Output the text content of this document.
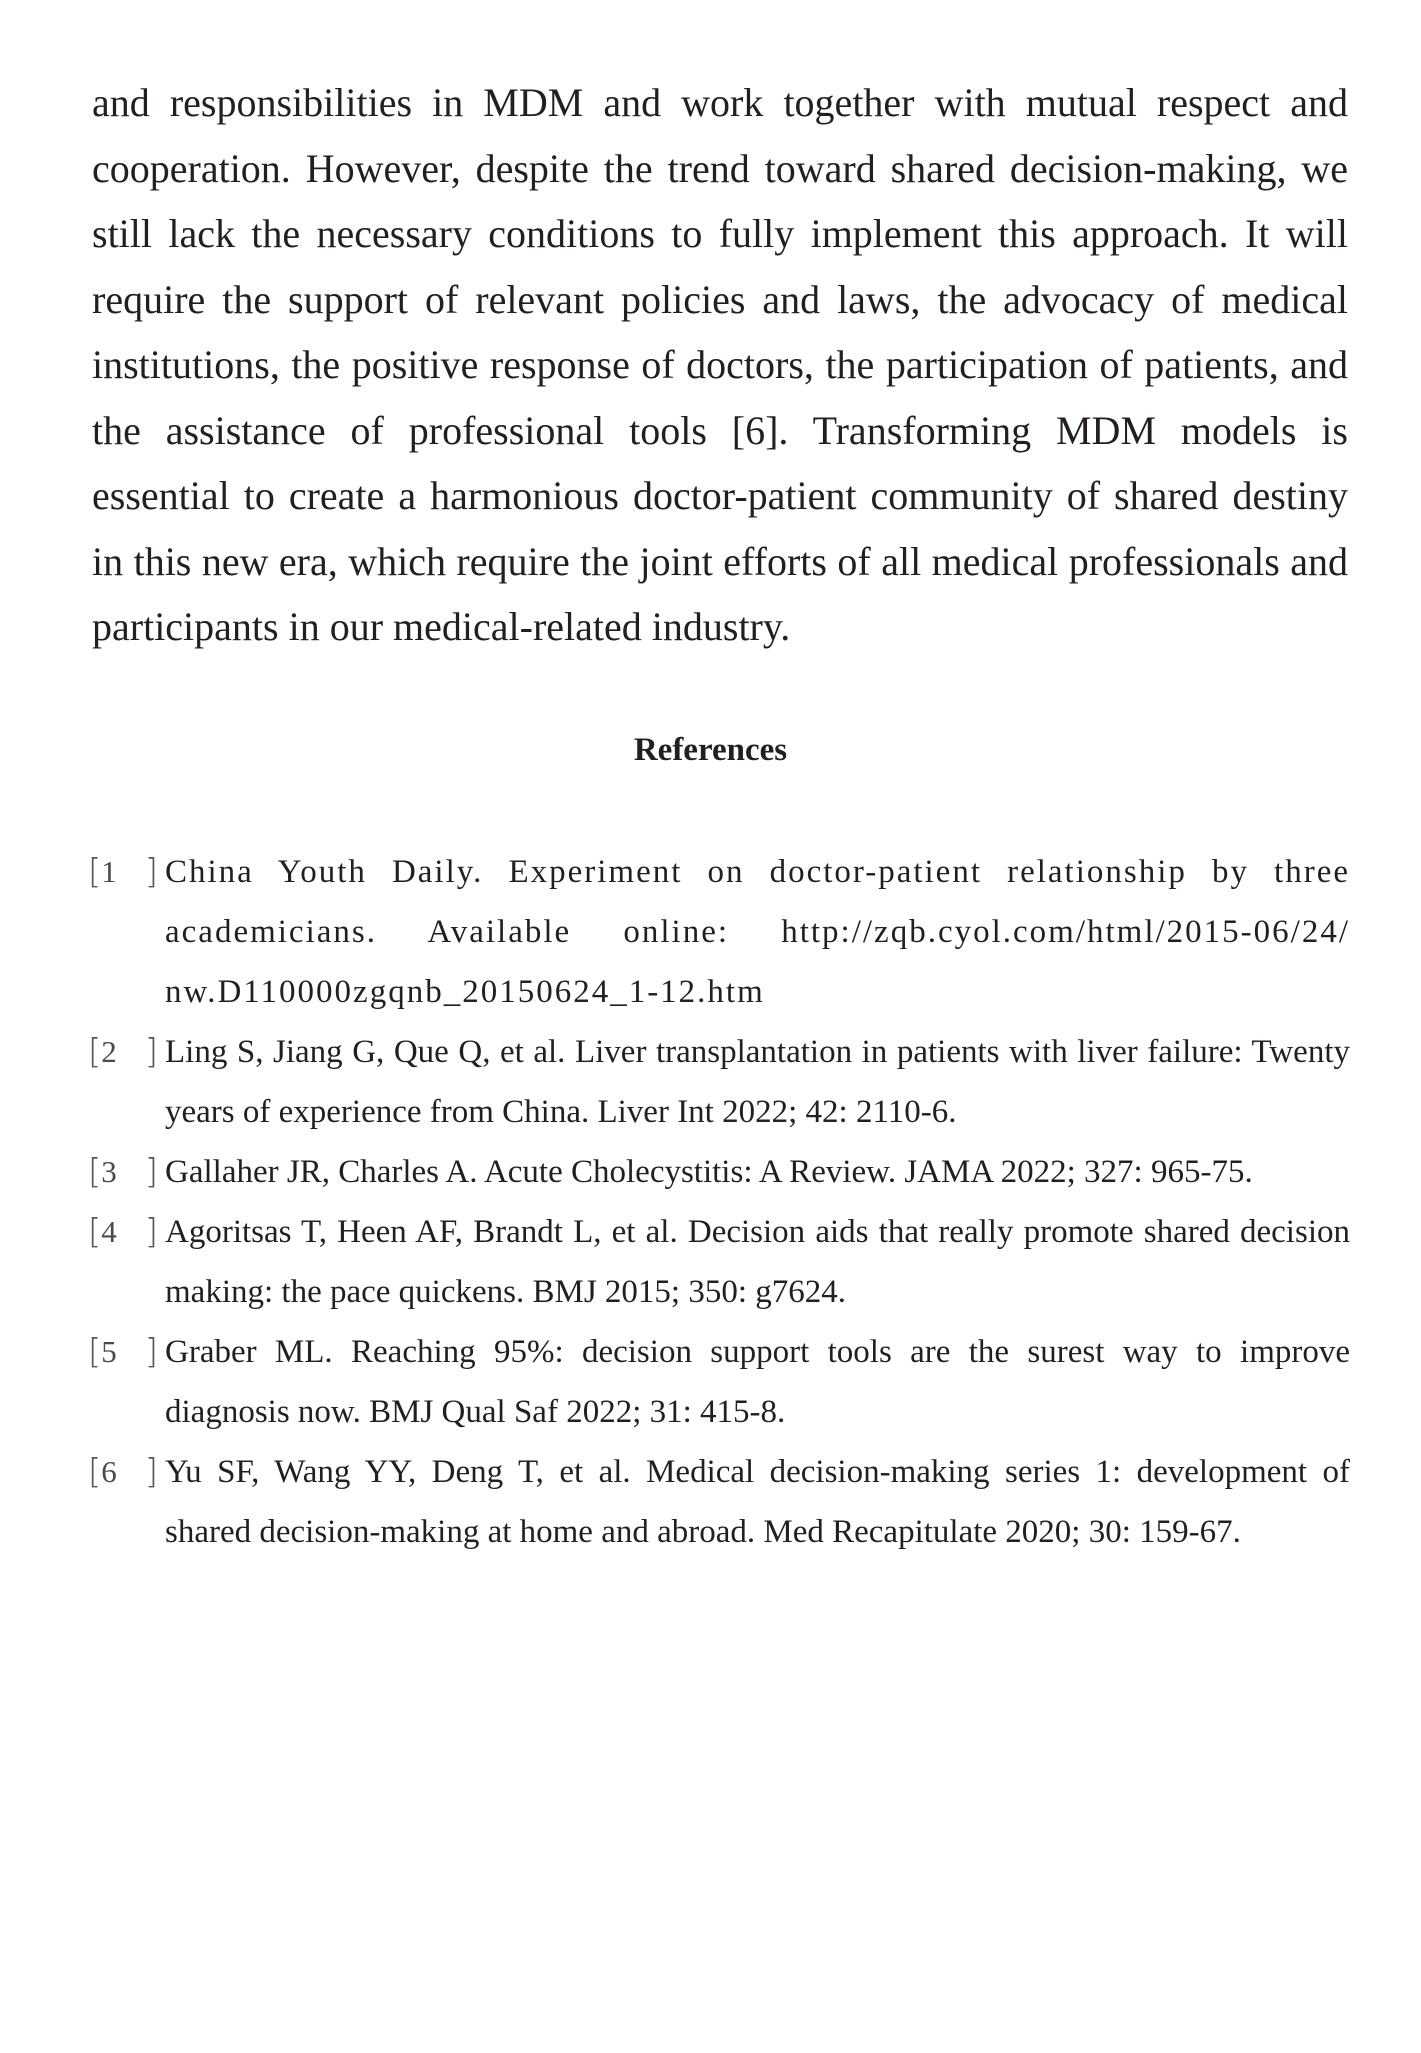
and responsibilities in MDM and work together with mutual respect and cooperation. However, despite the trend toward shared decision-making, we still lack the necessary conditions to fully implement this approach. It will require the support of relevant policies and laws, the advocacy of medical institutions, the positive response of doctors, the participation of patients, and the assistance of professional tools [6]. Transforming MDM models is essential to create a harmonious doctor-patient community of shared destiny in this new era, which require the joint efforts of all medical professionals and participants in our medical-related industry.

References
[ 1 ] China Youth Daily. Experiment on doctor-patient relationship by three academicians. Available online: http://zqb.cyol.com/html/2015-06/24/ nw.D110000zgqnb_20150624_1-12.htm
[ 2 ] Ling S, Jiang G, Que Q, et al. Liver transplantation in patients with liver failure: Twenty years of experience from China. Liver Int 2022; 42: 2110-6.
[ 3 ] Gallaher JR, Charles A. Acute Cholecystitis: A Review. JAMA 2022; 327: 965-75.
[ 4 ] Agoritsas T, Heen AF, Brandt L, et al. Decision aids that really promote shared decision making: the pace quickens. BMJ 2015; 350: g7624.
[ 5 ] Graber ML. Reaching 95%: decision support tools are the surest way to improve diagnosis now. BMJ Qual Saf 2022; 31: 415-8.
[ 6 ] Yu SF, Wang YY, Deng T, et al. Medical decision-making series 1: development of shared decision-making at home and abroad. Med Recapitulate 2020; 30: 159-67.
